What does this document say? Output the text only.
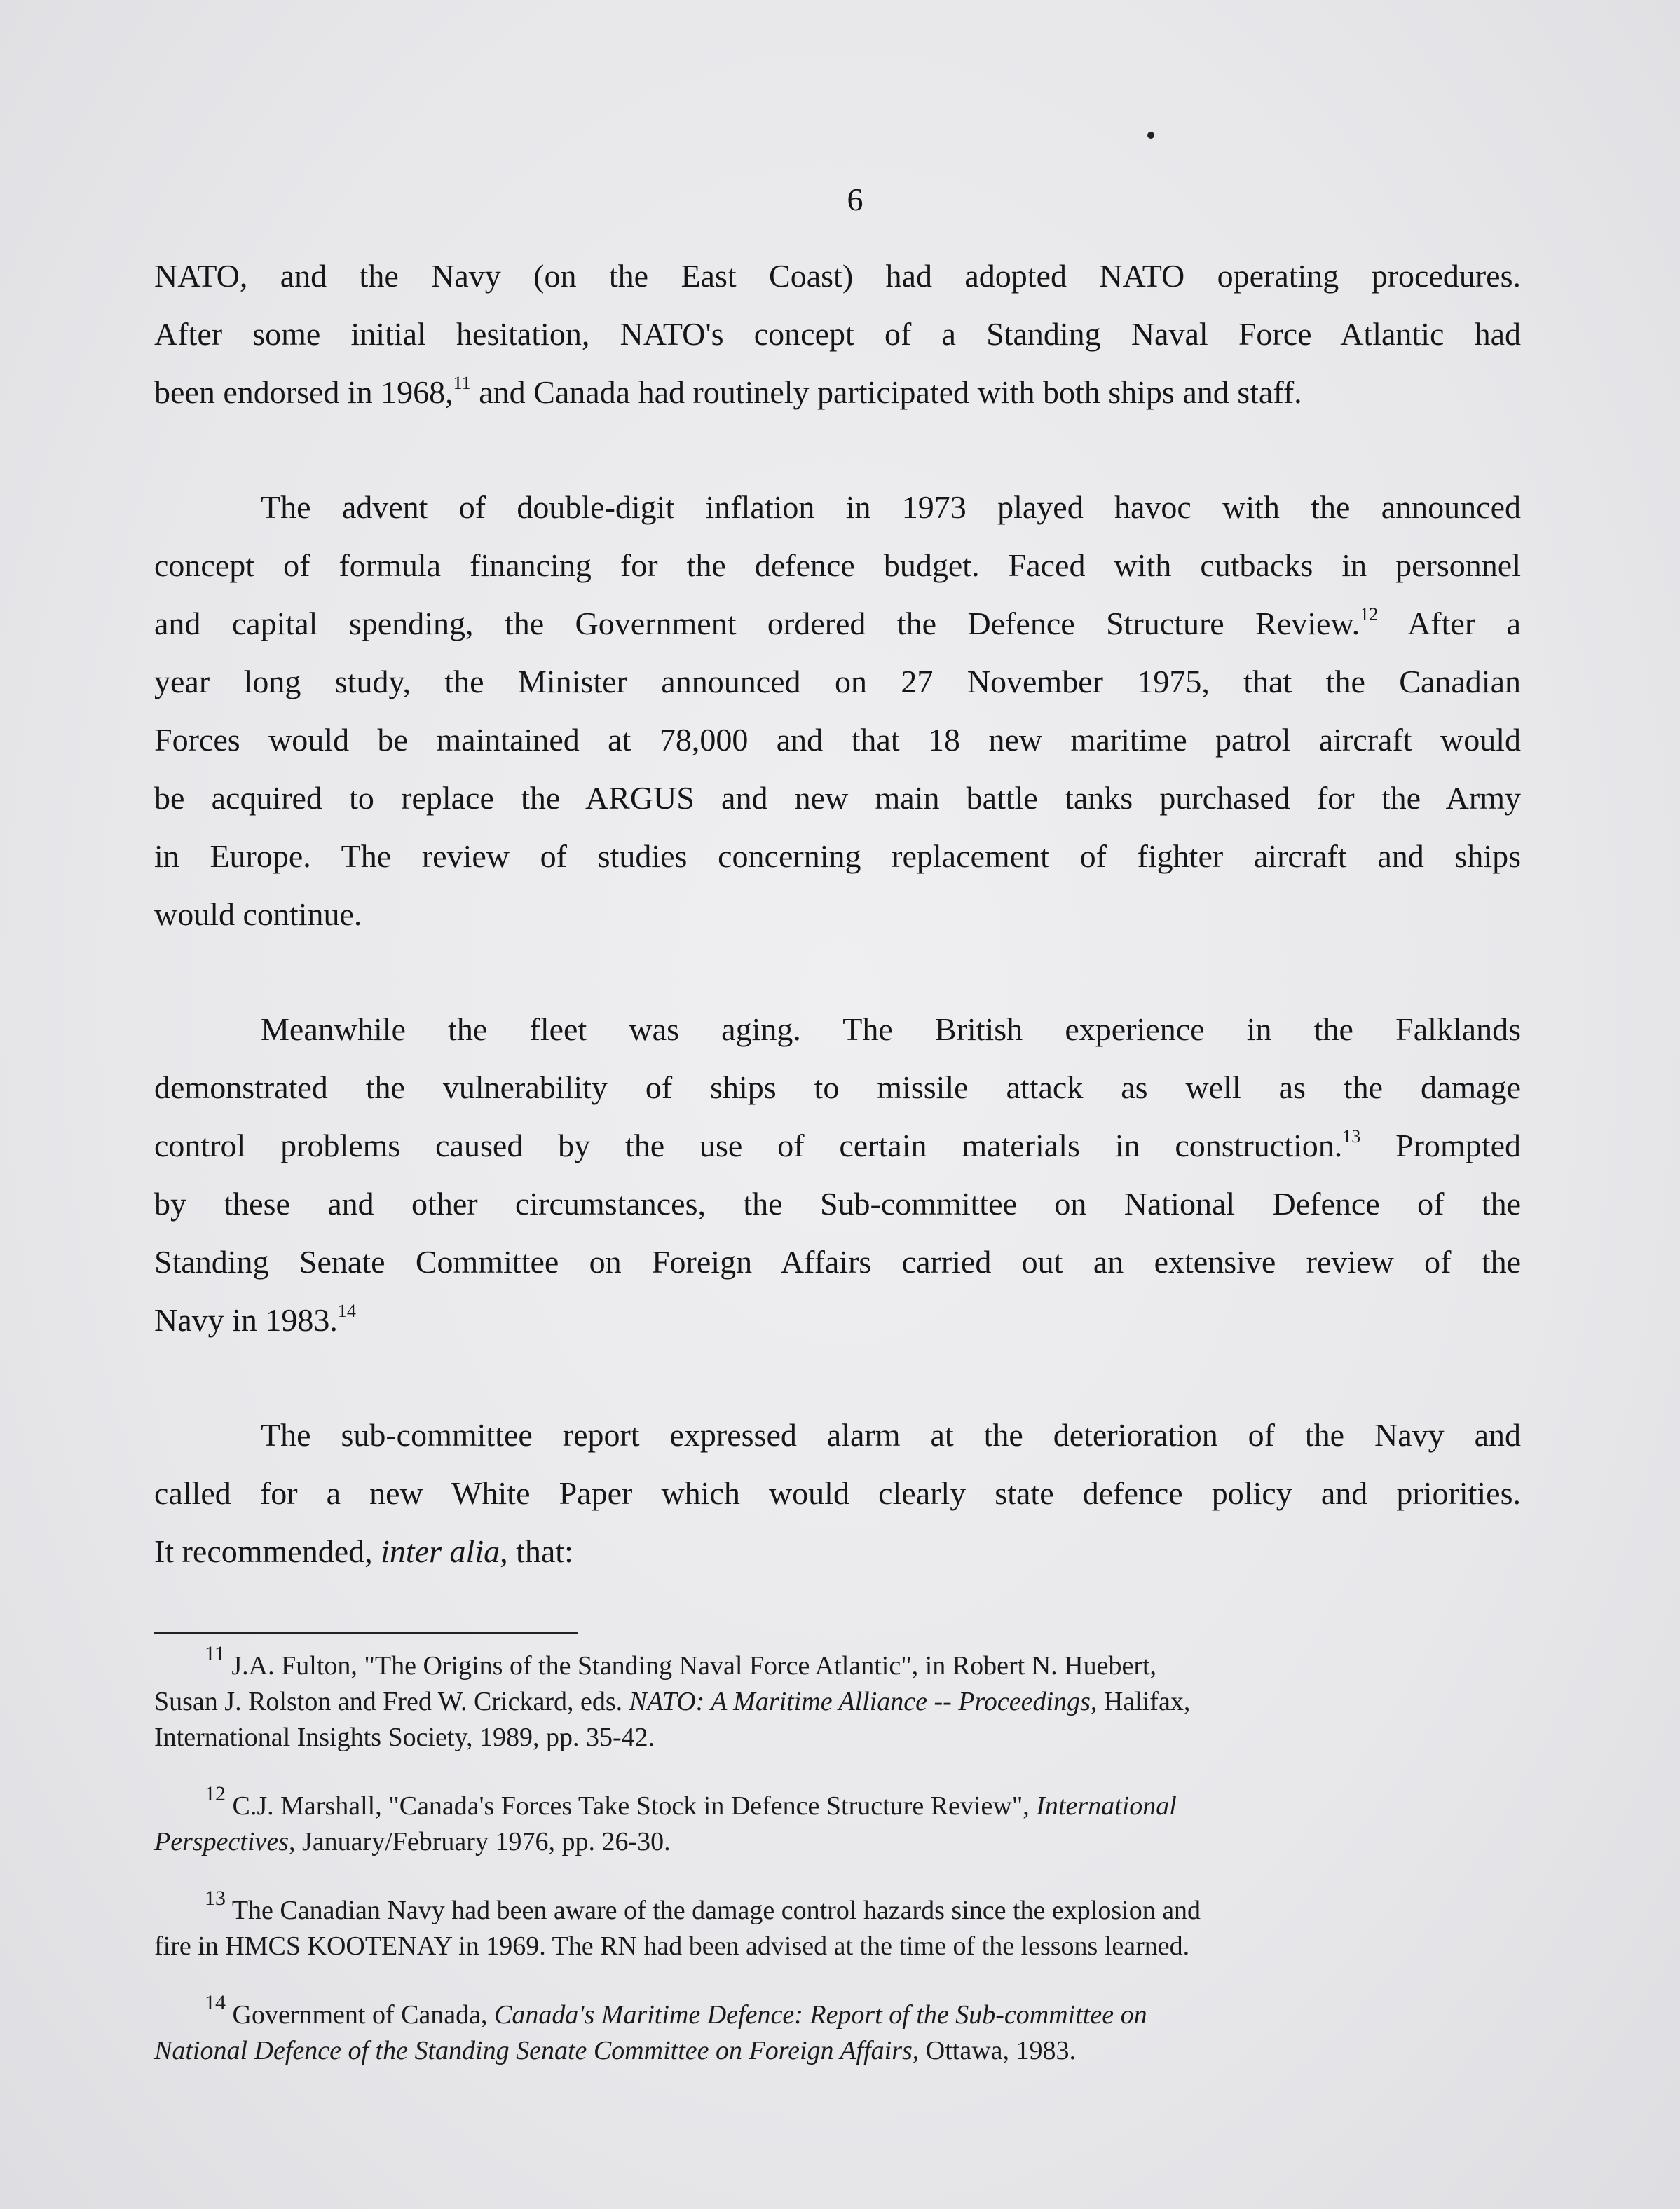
6
NATO, and the Navy (on the East Coast) had adopted NATO operating procedures.
After some initial hesitation, NATO's concept of a Standing Naval Force Atlantic had
been endorsed in 1968,11 and Canada had routinely participated with both ships and staff.
The advent of double-digit inflation in 1973 played havoc with the announced
concept of formula financing for the defence budget. Faced with cutbacks in personnel
and capital spending, the Government ordered the Defence Structure Review.$^{12}$ After a
year long study, the Minister announced on 27 November 1975, that the Canadian
Forces would be maintained at 78,000 and that 18 new maritime patrol aircraft would
be acquired to replace the ARGUS and new main battle tanks purchased for the Army
in Europe. The review of studies concerning replacement of fighter aircraft and ships
would continue.
Meanwhile the fleet was aging. The British experience in the Falklands
demonstrated the vulnerability of ships to missile attack as well as the damage
control problems caused by the use of certain materials in construction.$^{13}$ Prompted
by these and other circumstances, the Sub-committee on National Defence of the
Standing Senate Committee on Foreign Affairs carried out an extensive review of the
Navy in 1983.14
The sub-committee report expressed alarm at the deterioration of the Navy and
called for a new White Paper which would clearly state defence policy and priorities.
It recommended, inter alia, that:
$^{11}$ J.A. Fulton, "The Origins of the Standing Naval Force Atlantic", in Robert N. Huebert,
Susan J. Rolston and Fred W. Crickard, eds. NATO: A Maritime Alliance -- Proceedings, Halifax,
International Insights Society, 1989, pp. 35-42.
$^{12}$ C.J. Marshall, "Canada's Forces Take Stock in Defence Structure Review", International
Perspectives, January/February 1976, pp. 26-30.
$^{13}$ The Canadian Navy had been aware of the damage control hazards since the explosion and
fire in HMCS KOOTENAY in 1969. The RN had been advised at the time of the lessons learned.
$^{14}$ Government of Canada, Canada's Maritime Defence: Report of the Sub-committee on
National Defence of the Standing Senate Committee on Foreign Affairs, Ottawa, 1983.
